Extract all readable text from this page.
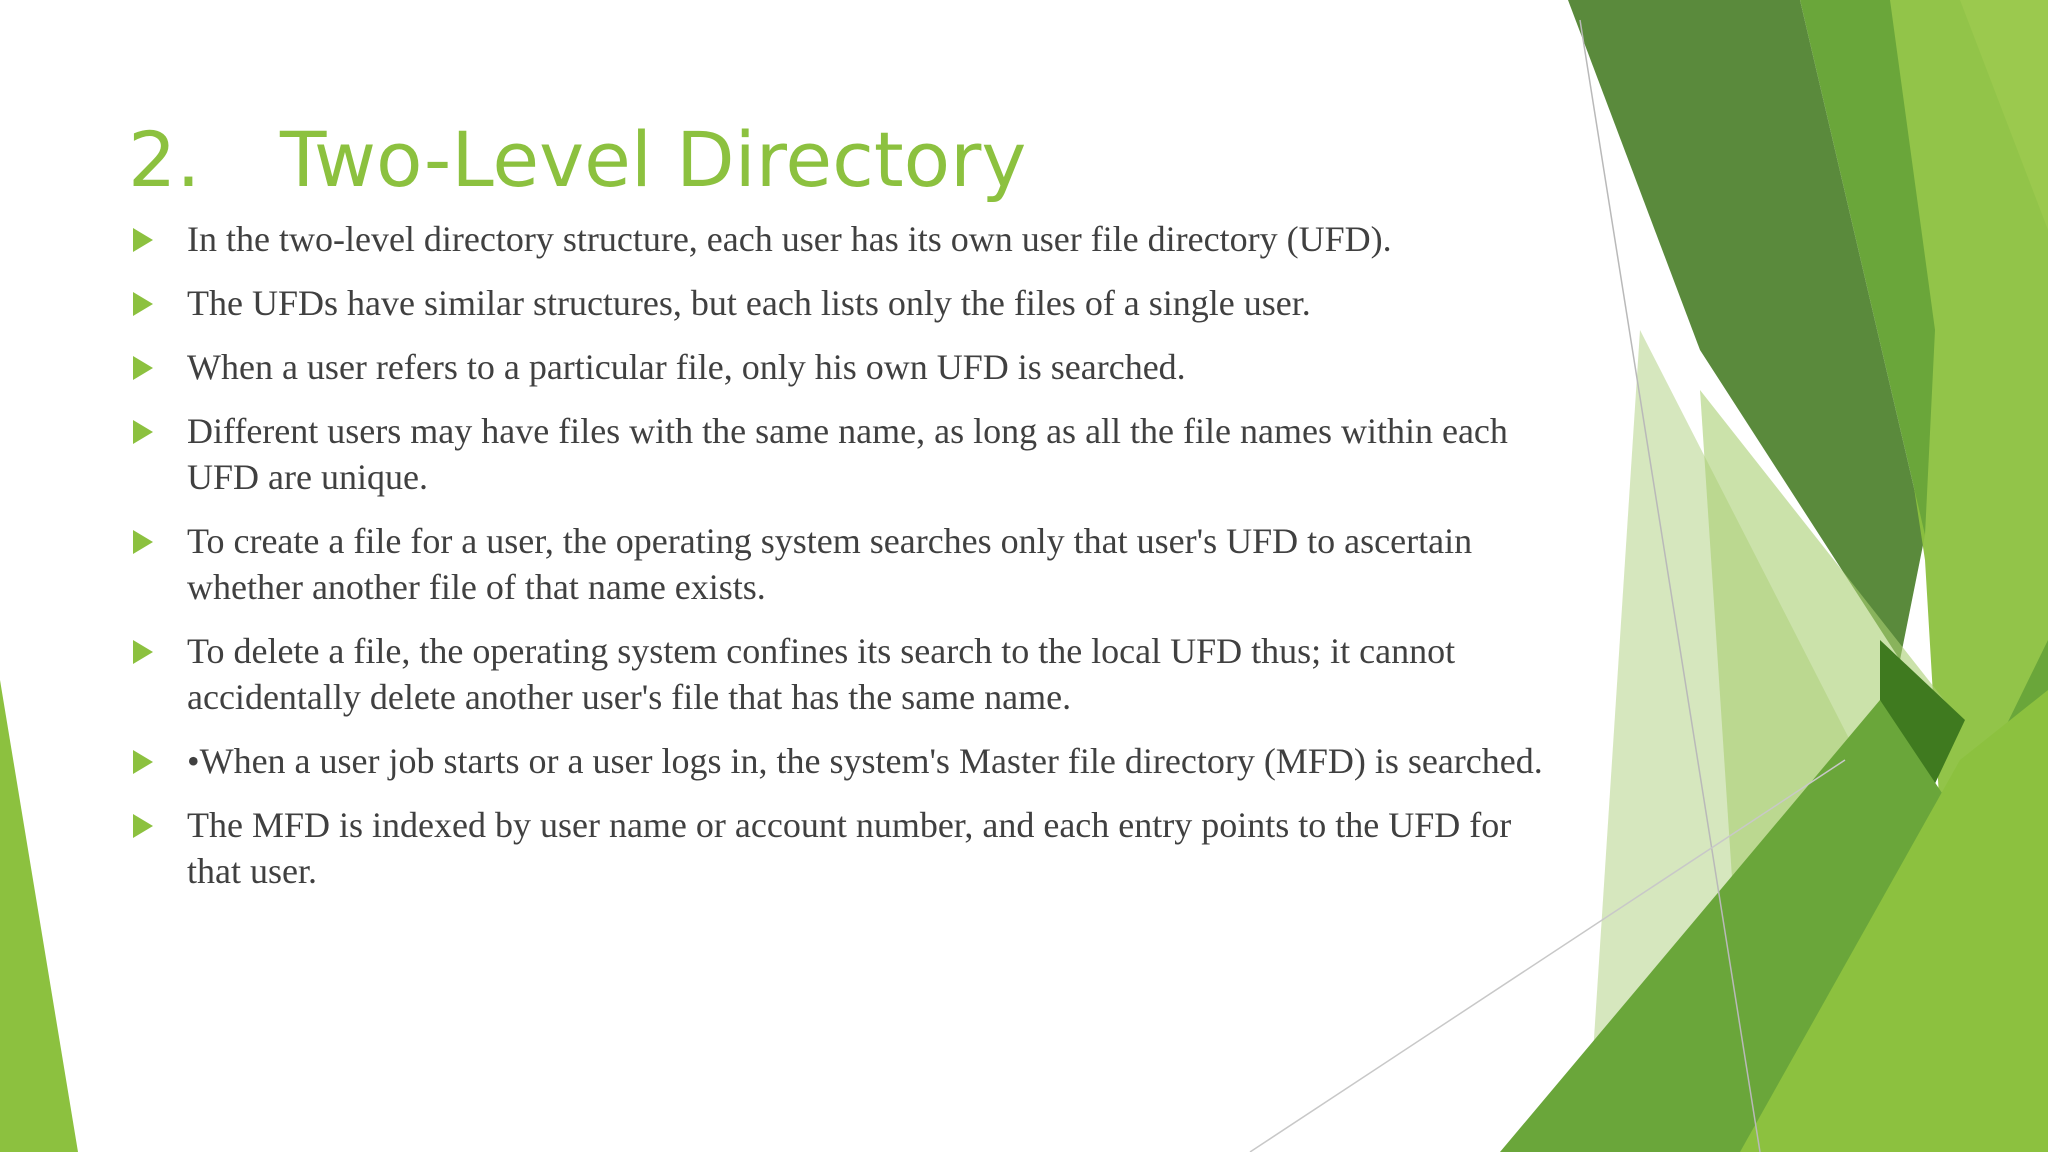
2. Two-Level Directory
In the two-level directory structure, each user has its own user file directory (UFD).
The UFDs have similar structures, but each lists only the files of a single user.
When a user refers to a particular file, only his own UFD is searched.
Different users may have files with the same name, as long as all the file names within each UFD are unique.
To create a file for a user, the operating system searches only that user's UFD to ascertain whether another file of that name exists.
To delete a file, the operating system confines its search to the local UFD thus; it cannot accidentally delete another user's file that has the same name.
•When a user job starts or a user logs in, the system's Master file directory (MFD) is searched.
The MFD is indexed by user name or account number, and each entry points to the UFD for that user.
